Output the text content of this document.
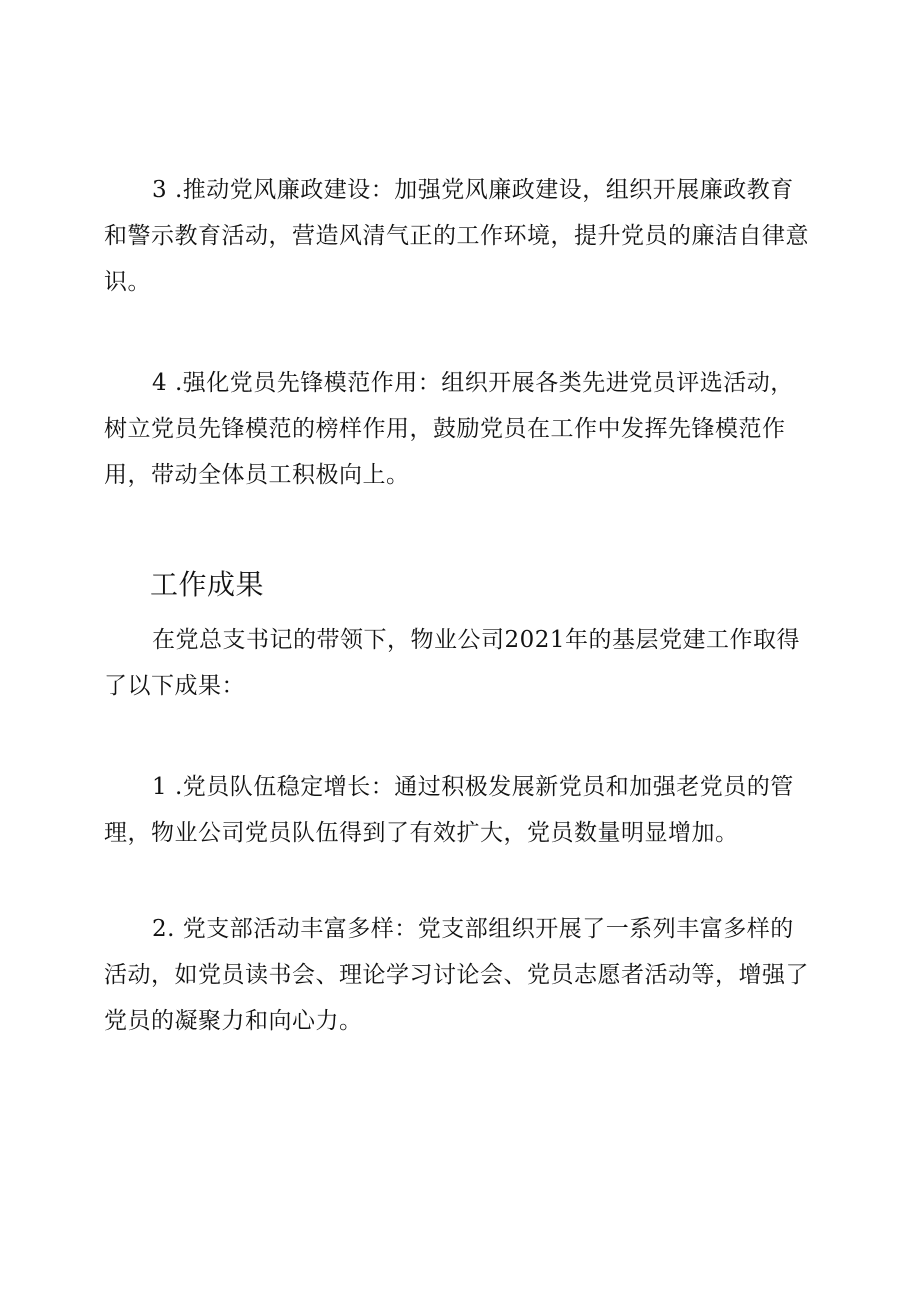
3 .推动党风廉政建设：加强党风廉政建设，组织开展廉政教育和警示教育活动，营造风清气正的工作环境，提升党员的廉洁自律意识。

4 .强化党员先锋模范作用：组织开展各类先进党员评选活动，树立党员先锋模范的榜样作用，鼓励党员在工作中发挥先锋模范作用，带动全体员工积极向上。

工作成果

在党总支书记的带领下，物业公司2021年的基层党建工作取得了以下成果：

1 .党员队伍稳定增长：通过积极发展新党员和加强老党员的管理，物业公司党员队伍得到了有效扩大，党员数量明显增加。

2. 党支部活动丰富多样：党支部组织开展了一系列丰富多样的活动，如党员读书会、理论学习讨论会、党员志愿者活动等，增强了党员的凝聚力和向心力。
